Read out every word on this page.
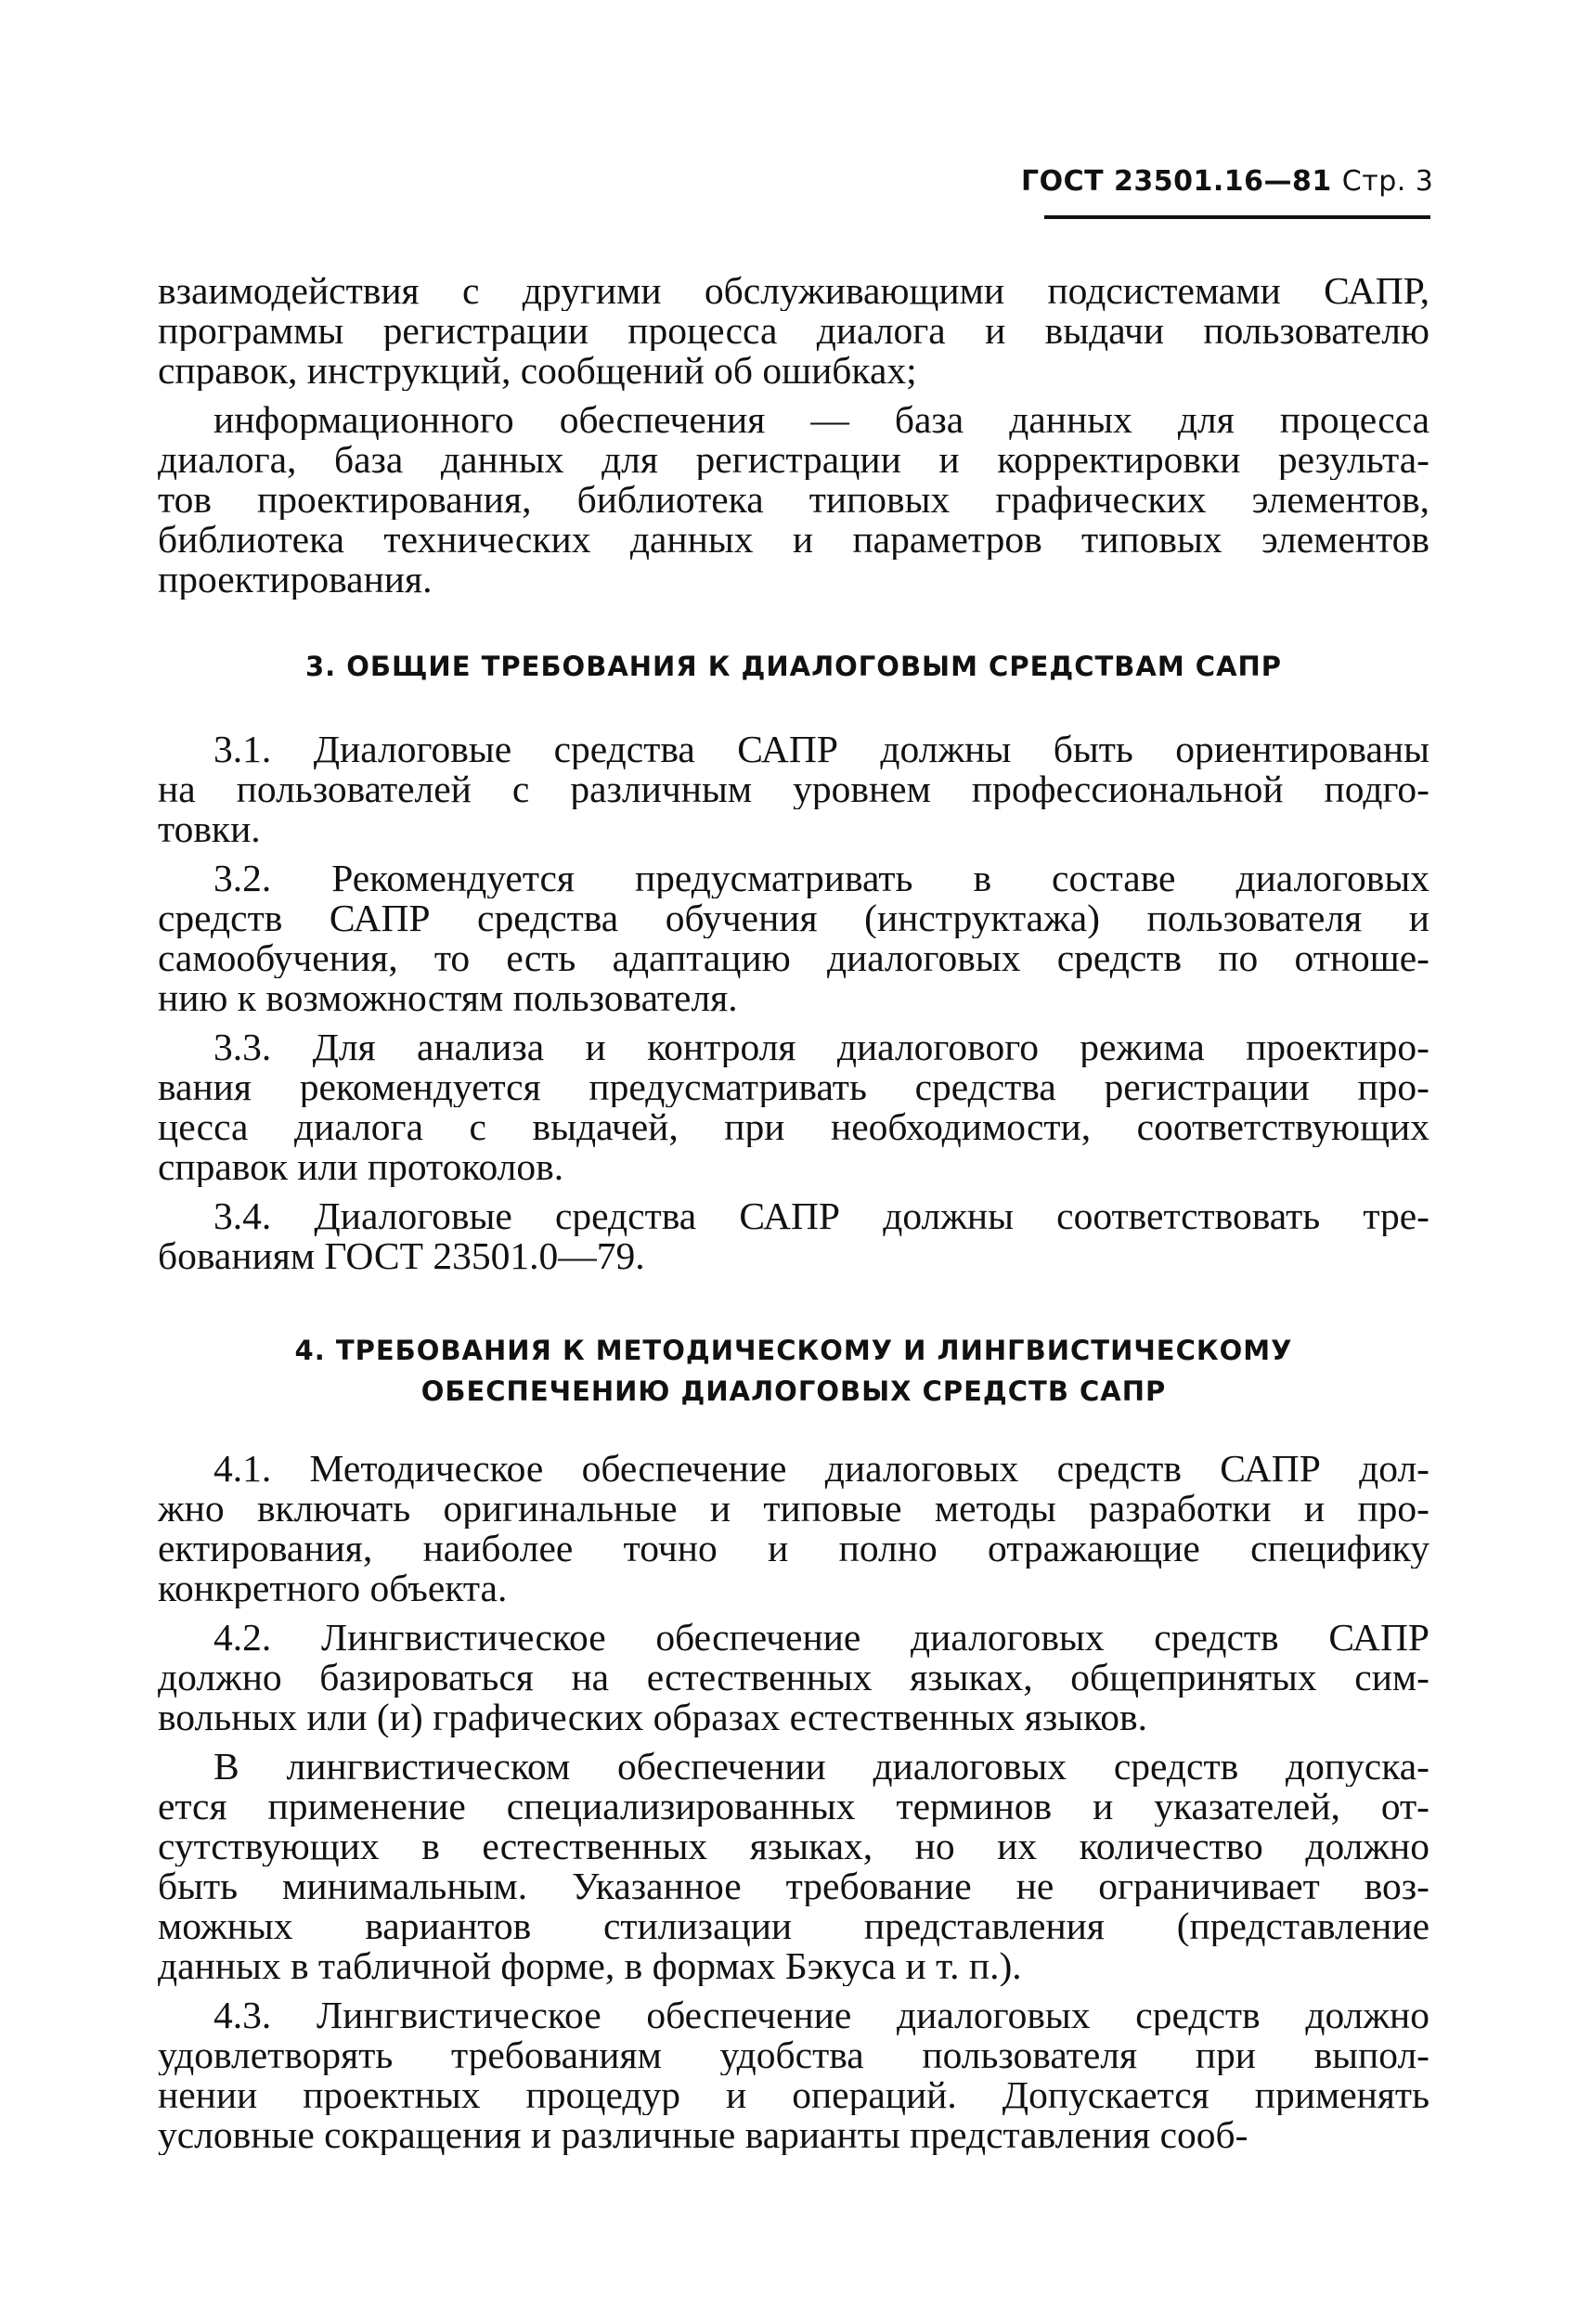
ГОСТ 23501.16—81 Стр. 3

взаимодействия с другими обслуживающими подсистемами САПР,
программы регистрации процесса диалога и выдачи пользователю
справок, инструкций, сообщений об ошибках;

информационного обеспечения — база данных для процесса
диалога, база данных для регистрации и корректировки результа-
тов проектирования, библиотека типовых графических элементов,
библиотека технических данных и параметров типовых элементов
проектирования.

3. ОБЩИЕ ТРЕБОВАНИЯ К ДИАЛОГОВЫМ СРЕДСТВАМ САПР

3.1. Диалоговые средства САПР должны быть ориентированы
на пользователей с различным уровнем профессиональной подго-
товки.

3.2. Рекомендуется предусматривать в составе диалоговых
средств САПР средства обучения (инструктажа) пользователя и
самообучения, то есть адаптацию диалоговых средств по отноше-
нию к возможностям пользователя.

3.3. Для анализа и контроля диалогового режима проектиро-
вания рекомендуется предусматривать средства регистрации про-
цесса диалога с выдачей, при необходимости, соответствующих
справок или протоколов.

3.4. Диалоговые средства САПР должны соответствовать тре-
бованиям ГОСТ 23501.0—79.

4. ТРЕБОВАНИЯ К МЕТОДИЧЕСКОМУ И ЛИНГВИСТИЧЕСКОМУ
ОБЕСПЕЧЕНИЮ ДИАЛОГОВЫХ СРЕДСТВ САПР

4.1. Методическое обеспечение диалоговых средств САПР дол-
жно включать оригинальные и типовые методы разработки и про-
ектирования, наиболее точно и полно отражающие специфику
конкретного объекта.

4.2. Лингвистическое обеспечение диалоговых средств САПР
должно базироваться на естественных языках, общепринятых сим-
вольных или (и) графических образах естественных языков.

В лингвистическом обеспечении диалоговых средств допуска-
ется применение специализированных терминов и указателей, от-
сутствующих в естественных языках, но их количество должно
быть минимальным. Указанное требование не ограничивает воз-
можных вариантов стилизации представления (представление
данных в табличной форме, в формах Бэкуса и т. п.).

4.3. Лингвистическое обеспечение диалоговых средств должно
удовлетворять требованиям удобства пользователя при выпол-
нении проектных процедур и операций. Допускается применять
условные сокращения и различные варианты представления сооб-
